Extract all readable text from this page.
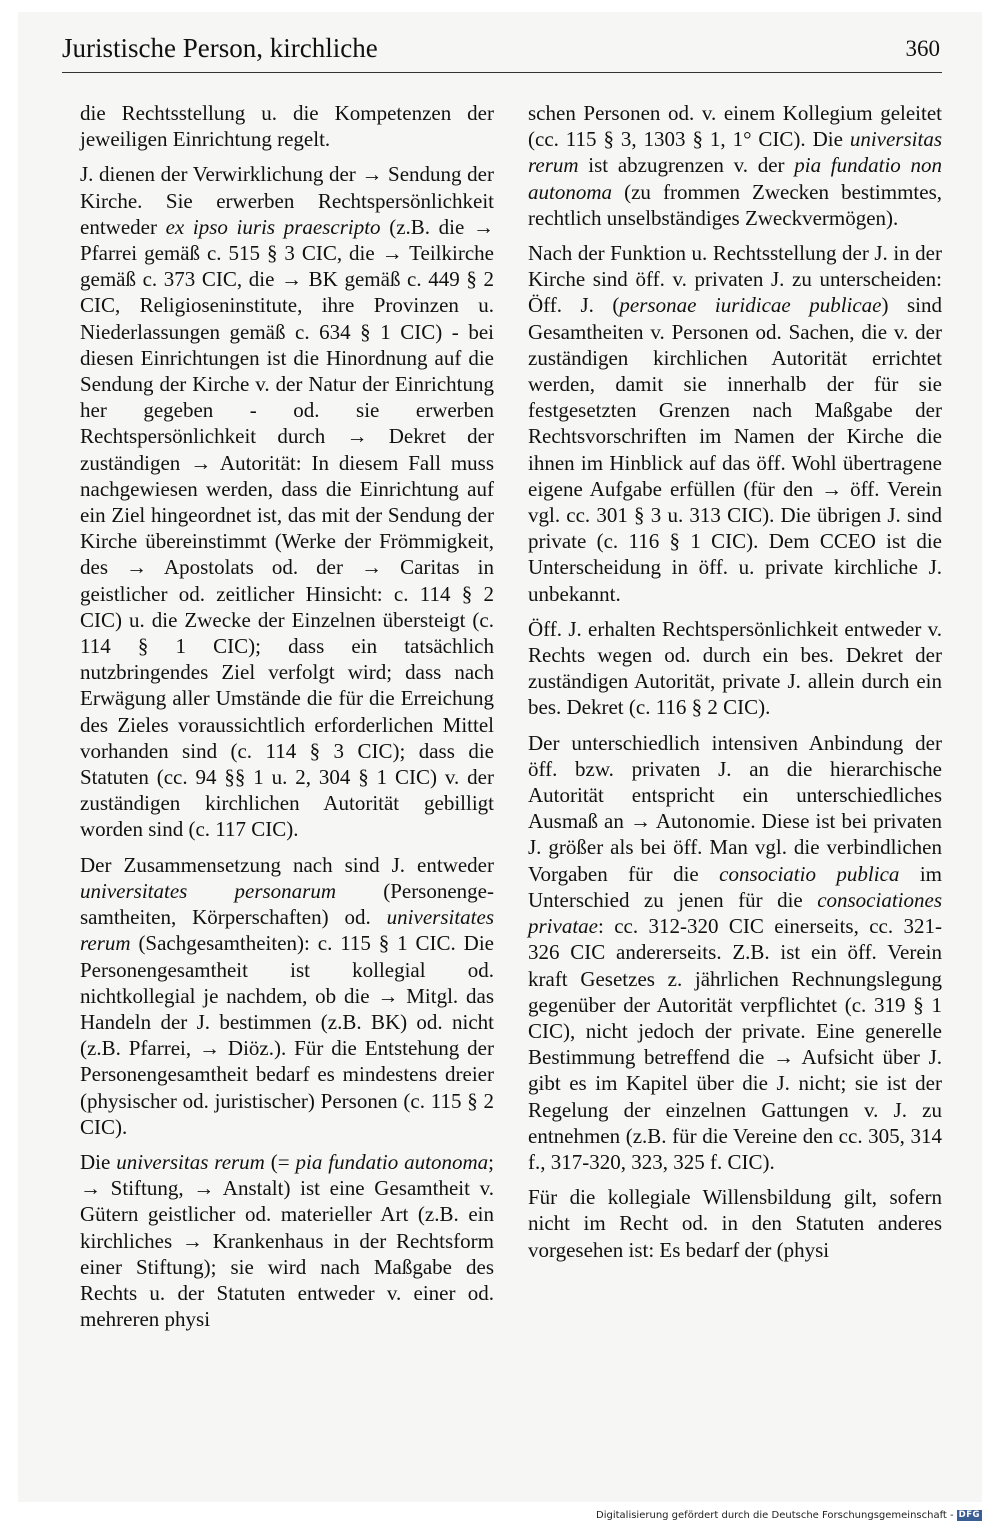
Juristische Person, kirchliche	360

die Rechtsstellung u. die Kompetenzen der jeweiligen Einrichtung regelt.

J. dienen der Verwirklichung der → Sendung der Kirche. Sie erwerben Rechtspersönlichkeit entweder ex ipso iuris praescripto (z.B. die → Pfarrei gemäß c. 515 § 3 CIC, die → Teilkirche gemäß c. 373 CIC, die → BK gemäß c. 449 § 2 CIC, Religioseninstitute, ihre Provinzen u. Niederlassungen gemäß c. 634 § 1 CIC) - bei diesen Einrichtungen ist die Hinordnung auf die Sendung der Kirche v. der Natur der Einrichtung her gegeben - od. sie erwerben Rechtspersönlichkeit durch → Dekret der zuständigen → Autorität: In diesem Fall muss nachgewiesen werden, dass die Einrichtung auf ein Ziel hingeordnet ist, das mit der Sendung der Kirche übereinstimmt (Werke der Frömmigkeit, des → Apostolats od. der → Caritas in geistlicher od. zeitlicher Hinsicht: c. 114 § 2 CIC) u. die Zwecke der Einzelnen übersteigt (c. 114 § 1 CIC); dass ein tatsächlich nutzbringendes Ziel verfolgt wird; dass nach Erwägung aller Umstände die für die Erreichung des Zieles voraussichtlich erforderlichen Mittel vorhanden sind (c. 114 § 3 CIC); dass die Statuten (cc. 94 §§ 1 u. 2, 304 § 1 CIC) v. der zuständigen kirchlichen Autorität gebilligt worden sind (c. 117 CIC).

Der Zusammensetzung nach sind J. entweder universitates personarum (Personengesamtheiten, Körperschaften) od. universitates rerum (Sachgesamtheiten): c. 115 § 1 CIC. Die Personengesamtheit ist kollegial od. nichtkollegial je nachdem, ob die → Mitgl. das Handeln der J. bestimmen (z.B. BK) od. nicht (z.B. Pfarrei, → Diöz.). Für die Entstehung der Personengesamtheit bedarf es mindestens dreier (physischer od. juristischer) Personen (c. 115 § 2 CIC).

Die universitas rerum (= pia fundatio autonoma; → Stiftung, → Anstalt) ist eine Gesamtheit v. Gütern geistlicher od. materieller Art (z.B. ein kirchliches → Krankenhaus in der Rechtsform einer Stiftung); sie wird nach Maßgabe des Rechts u. der Statuten entweder v. einer od. mehreren physi

schen Personen od. v. einem Kollegium geleitet (cc. 115 § 3, 1303 § 1, 1° CIC). Die universitas rerum ist abzugrenzen v. der pia fundatio non autonoma (zu frommen Zwecken bestimmtes, rechtlich unselbständiges Zweckvermögen).

Nach der Funktion u. Rechtsstellung der J. in der Kirche sind öff. v. privaten J. zu unterscheiden: Öff. J. (personae iuridicae publicae) sind Gesamtheiten v. Personen od. Sachen, die v. der zuständigen kirchlichen Autorität errichtet werden, damit sie innerhalb der für sie festgesetzten Grenzen nach Maßgabe der Rechtsvorschriften im Namen der Kirche die ihnen im Hinblick auf das öff. Wohl übertragene eigene Aufgabe erfüllen (für den → öff. Verein vgl. cc. 301 § 3 u. 313 CIC). Die übrigen J. sind private (c. 116 § 1 CIC). Dem CCEO ist die Unterscheidung in öff. u. private kirchliche J. unbekannt.

Öff. J. erhalten Rechtspersönlichkeit entweder v. Rechts wegen od. durch ein bes. Dekret der zuständigen Autorität, private J. allein durch ein bes. Dekret (c. 116 § 2 CIC).

Der unterschiedlich intensiven Anbindung der öff. bzw. privaten J. an die hierarchische Autorität entspricht ein unterschiedliches Ausmaß an → Autonomie. Diese ist bei privaten J. größer als bei öff. Man vgl. die verbindlichen Vorgaben für die consociatio publica im Unterschied zu jenen für die consociationes privatae: cc. 312-320 CIC einerseits, cc. 321-326 CIC andererseits. Z.B. ist ein öff. Verein kraft Gesetzes z. jährlichen Rechnungslegung gegenüber der Autorität verpflichtet (c. 319 § 1 CIC), nicht jedoch der private. Eine generelle Bestimmung betreffend die → Aufsicht über J. gibt es im Kapitel über die J. nicht; sie ist der Regelung der einzelnen Gattungen v. J. zu entnehmen (z.B. für die Vereine den cc. 305, 314 f., 317-320, 323, 325 f. CIC).

Für die kollegiale Willensbildung gilt, sofern nicht im Recht od. in den Statuten anderes vorgesehen ist: Es bedarf der (physi

Digitalisierung gefördert durch die Deutsche Forschungsgemeinschaft - DFG
